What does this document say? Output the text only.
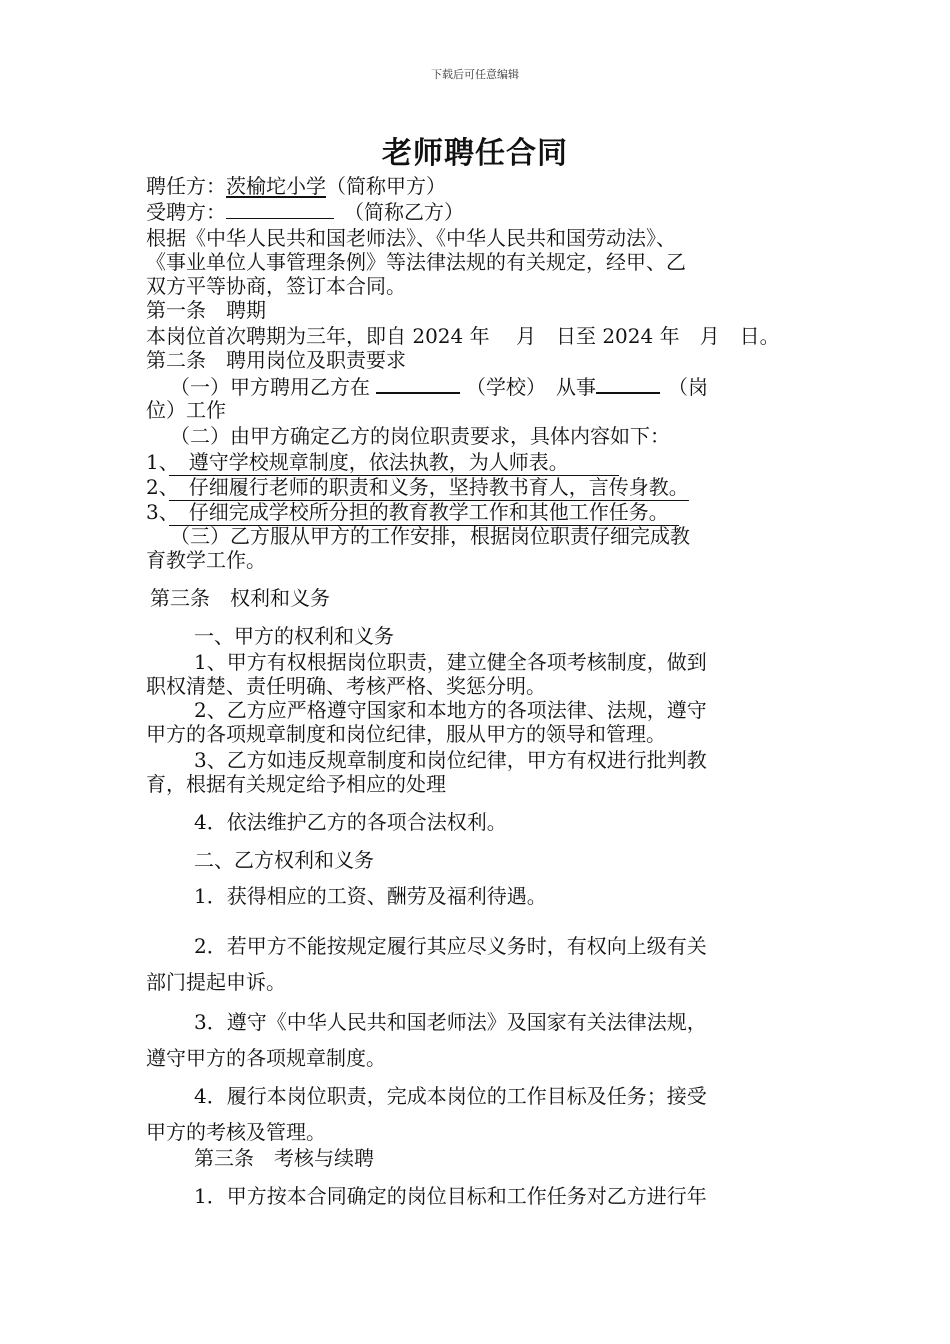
下载后可任意编辑
老师聘任合同
聘任方：茨榆坨小学（简称甲方）
受聘方：	（简称乙方）
根据《中华人民共和国老师法》、《中华人民共和国劳动法》、
《事业单位人事管理条例》等法律法规的有关规定，经甲、乙
双方平等协商，签订本合同。
第一条　聘期
本岗位首次聘期为三年，即自 2024 年　 月　日至 2024 年　月　日。
第二条　聘用岗位及职责要求
（一）甲方聘用乙方在	（学校）　从事	（岗
位）工作
（二）由甲方确定乙方的岗位职责要求，具体内容如下：
1、　遵守学校规章制度，依法执教，为人师表。　　　
2、　仔细履行老师的职责和义务，坚持教书育人，言传身教。
3、　仔细完成学校所分担的教育教学工作和其他工作任务。　
（三）乙方服从甲方的工作安排，根据岗位职责仔细完成教
育教学工作。
第三条　权利和义务
一、甲方的权利和义务
1、甲方有权根据岗位职责，建立健全各项考核制度，做到
职权清楚、责任明确、考核严格、奖惩分明。
2、乙方应严格遵守国家和本地方的各项法律、法规，遵守
甲方的各项规章制度和岗位纪律，服从甲方的领导和管理。
3、乙方如违反规章制度和岗位纪律，甲方有权进行批判教
育，根据有关规定给予相应的处理
4．依法维护乙方的各项合法权利。
二、乙方权利和义务
1．获得相应的工资、酬劳及福利待遇。
2．若甲方不能按规定履行其应尽义务时，有权向上级有关
部门提起申诉。
3．遵守《中华人民共和国老师法》及国家有关法律法规，
遵守甲方的各项规章制度。
4．履行本岗位职责，完成本岗位的工作目标及任务；接受
甲方的考核及管理。
第三条　考核与续聘
1．甲方按本合同确定的岗位目标和工作任务对乙方进行年
